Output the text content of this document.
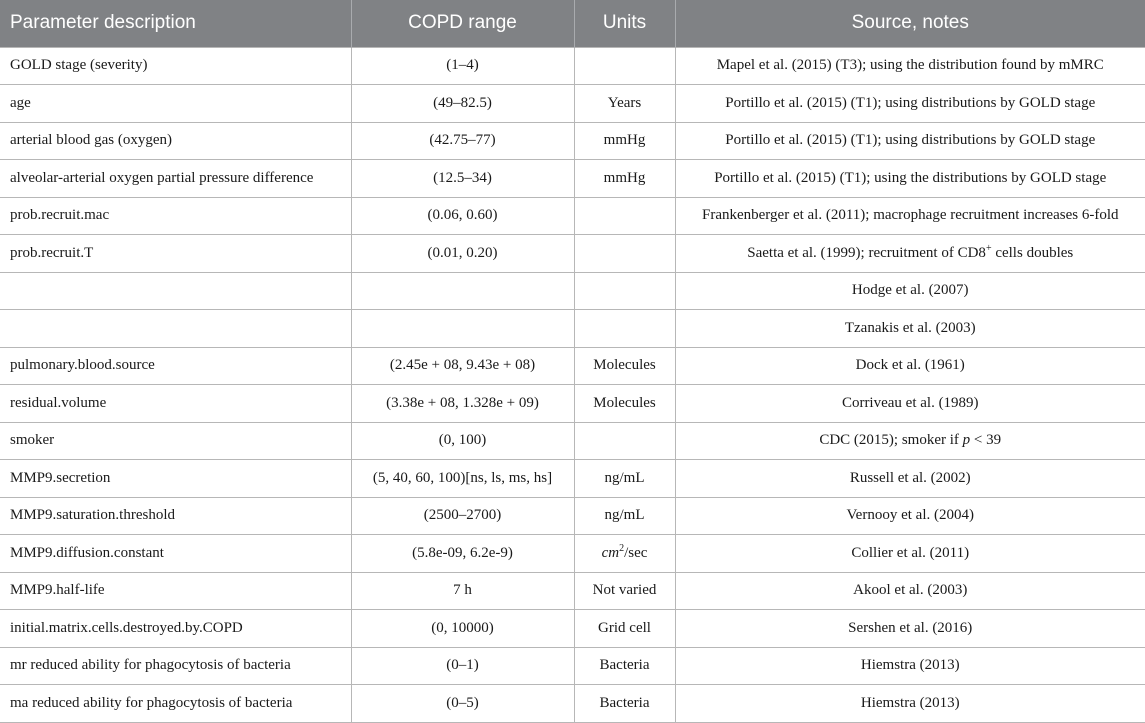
Parameter description	COPD range	Units	Source, notes
GOLD stage (severity)	(1–4)		Mapel et al. (2015) (T3); using the distribution found by mMRC
age	(49–82.5)	Years	Portillo et al. (2015) (T1); using distributions by GOLD stage
arterial blood gas (oxygen)	(42.75–77)	mmHg	Portillo et al. (2015) (T1); using distributions by GOLD stage
alveolar-arterial oxygen partial pressure difference	(12.5–34)	mmHg	Portillo et al. (2015) (T1); using the distributions by GOLD stage
prob.recruit.mac	(0.06, 0.60)		Frankenberger et al. (2011); macrophage recruitment increases 6-fold
prob.recruit.T	(0.01, 0.20)		Saetta et al. (1999); recruitment of CD8+ cells doubles
			Hodge et al. (2007)
			Tzanakis et al. (2003)
pulmonary.blood.source	(2.45e + 08, 9.43e + 08)	Molecules	Dock et al. (1961)
residual.volume	(3.38e + 08, 1.328e + 09)	Molecules	Corriveau et al. (1989)
smoker	(0, 100)		CDC (2015); smoker if p < 39
MMP9.secretion	(5, 40, 60, 100)[ns, ls, ms, hs]	ng/mL	Russell et al. (2002)
MMP9.saturation.threshold	(2500–2700)	ng/mL	Vernooy et al. (2004)
MMP9.diffusion.constant	(5.8e-09, 6.2e-9)	$cm^2/\sec$	Collier et al. (2011)
MMP9.half-life	7 h	Not varied	Akool et al. (2003)
initial.matrix.cells.destroyed.by.COPD	(0, 10000)	Grid cell	Sershen et al. (2016)
mr reduced ability for phagocytosis of bacteria	(0–1)	Bacteria	Hiemstra (2013)
ma reduced ability for phagocytosis of bacteria	(0–5)	Bacteria	Hiemstra (2013)
